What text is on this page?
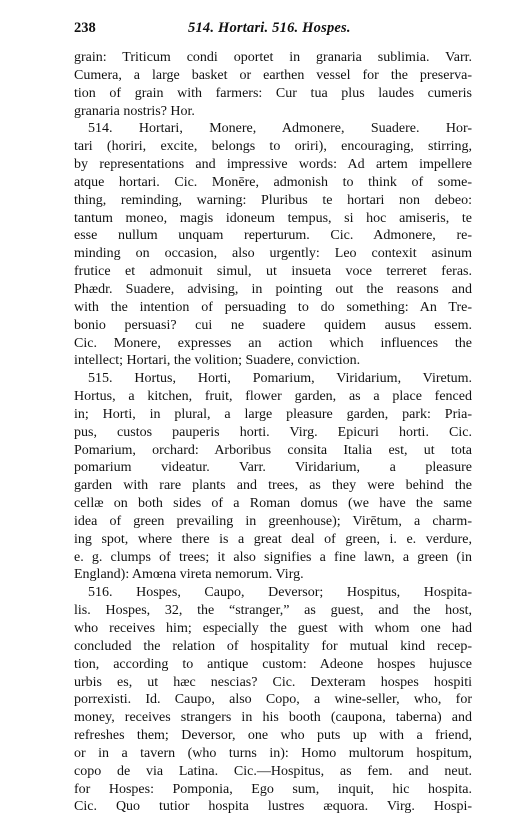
238	514. Hortari. 516. Hospes.
grain: Triticum condi oportet in granaria sublimia. Varr.
Cumera, a large basket or earthen vessel for the preserva-
tion of grain with farmers: Cur tua plus laudes cumeris
granaria nostris? Hor.
514. Hortari, Monere, Admonere, Suadere. Hor-
tari (horiri, excite, belongs to oriri), encouraging, stirring,
by representations and impressive words: Ad artem impellere
atque hortari. Cic. Monēre, admonish to think of some-
thing, reminding, warning: Pluribus te hortari non debeo:
tantum moneo, magis idoneum tempus, si hoc amiseris, te
esse nullum unquam reperturum. Cic. Admonere, re-
minding on occasion, also urgently: Leo contexit asinum
frutice et admonuit simul, ut insueta voce terreret feras.
Phædr. Suadere, advising, in pointing out the reasons and
with the intention of persuading to do something: An Tre-
bonio persuasi? cui ne suadere quidem ausus essem.
Cic. Monere, expresses an action which influences the
intellect; Hortari, the volition; Suadere, conviction.
515. Hortus, Horti, Pomarium, Viridarium, Viretum.
Hortus, a kitchen, fruit, flower garden, as a place fenced
in; Horti, in plural, a large pleasure garden, park: Pria-
pus, custos pauperis horti. Virg. Epicuri horti. Cic.
Pomarium, orchard: Arboribus consita Italia est, ut tota
pomarium videatur. Varr. Viridarium, a pleasure
garden with rare plants and trees, as they were behind the
cellæ on both sides of a Roman domus (we have the same
idea of green prevailing in greenhouse); Virētum, a charm-
ing spot, where there is a great deal of green, i. e. verdure,
e. g. clumps of trees; it also signifies a fine lawn, a green (in
England): Amœna vireta nemorum. Virg.
516. Hospes, Caupo, Deversor; Hospitus, Hospita-
lis. Hospes, 32, the “stranger,” as guest, and the host,
who receives him; especially the guest with whom one had
concluded the relation of hospitality for mutual kind recep-
tion, according to antique custom: Adeone hospes hujusce
urbis es, ut hæc nescias? Cic. Dexteram hospes hospiti
porrexisti. Id. Caupo, also Copo, a wine-seller, who, for
money, receives strangers in his booth (caupona, taberna) and
refreshes them; Deversor, one who puts up with a friend,
or in a tavern (who turns in): Homo multorum hospitum,
copo de via Latina. Cic.—Hospitus, as fem. and neut.
for Hospes: Pomponia, Ego sum, inquit, hic hospita.
Cic. Quo tutior hospita lustres æquora. Virg. Hospi-
